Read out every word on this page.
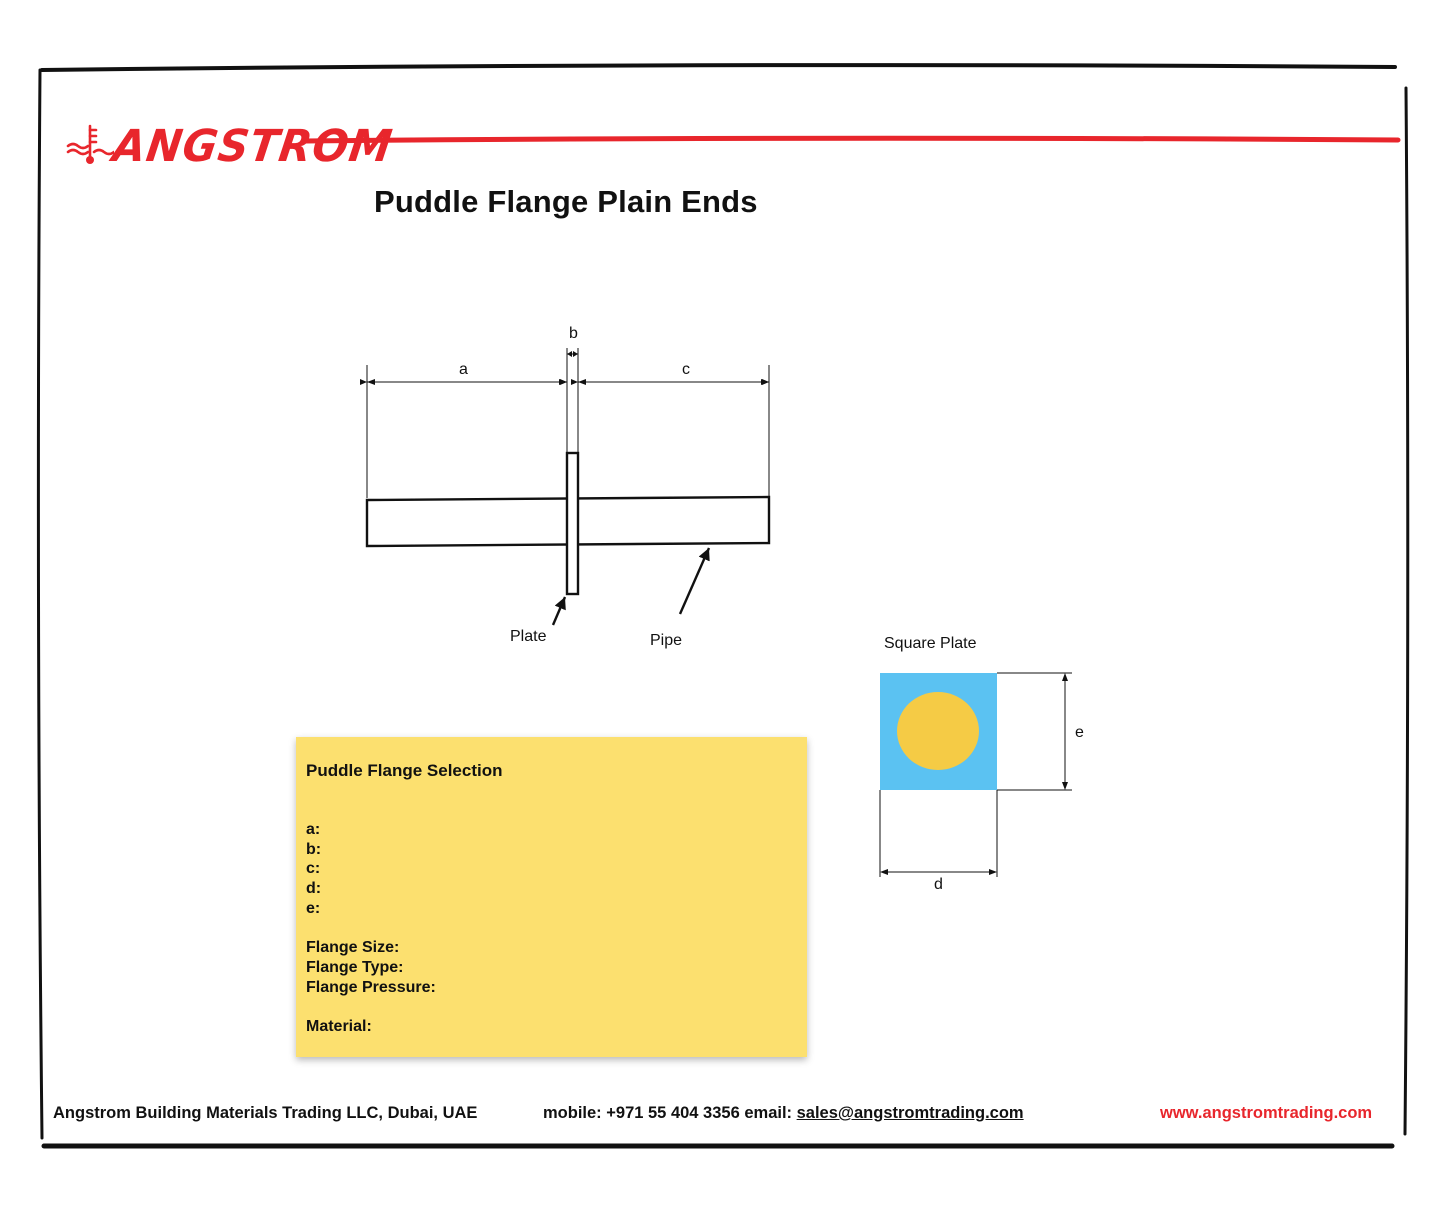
ANGSTROM
Puddle Flange Plain Ends
a
b
c
Plate	Pipe	Square Plate
e
d
Puddle Flange Selection
a:
b:
c:
d:
e:
Flange Size:
Flange Type:
Flange Pressure:
Material:
Angstrom Building Materials Trading LLC, Dubai, UAE	mobile: +971 55 404 3356 email: sales@angstromtrading.com	www.angstromtrading.com
